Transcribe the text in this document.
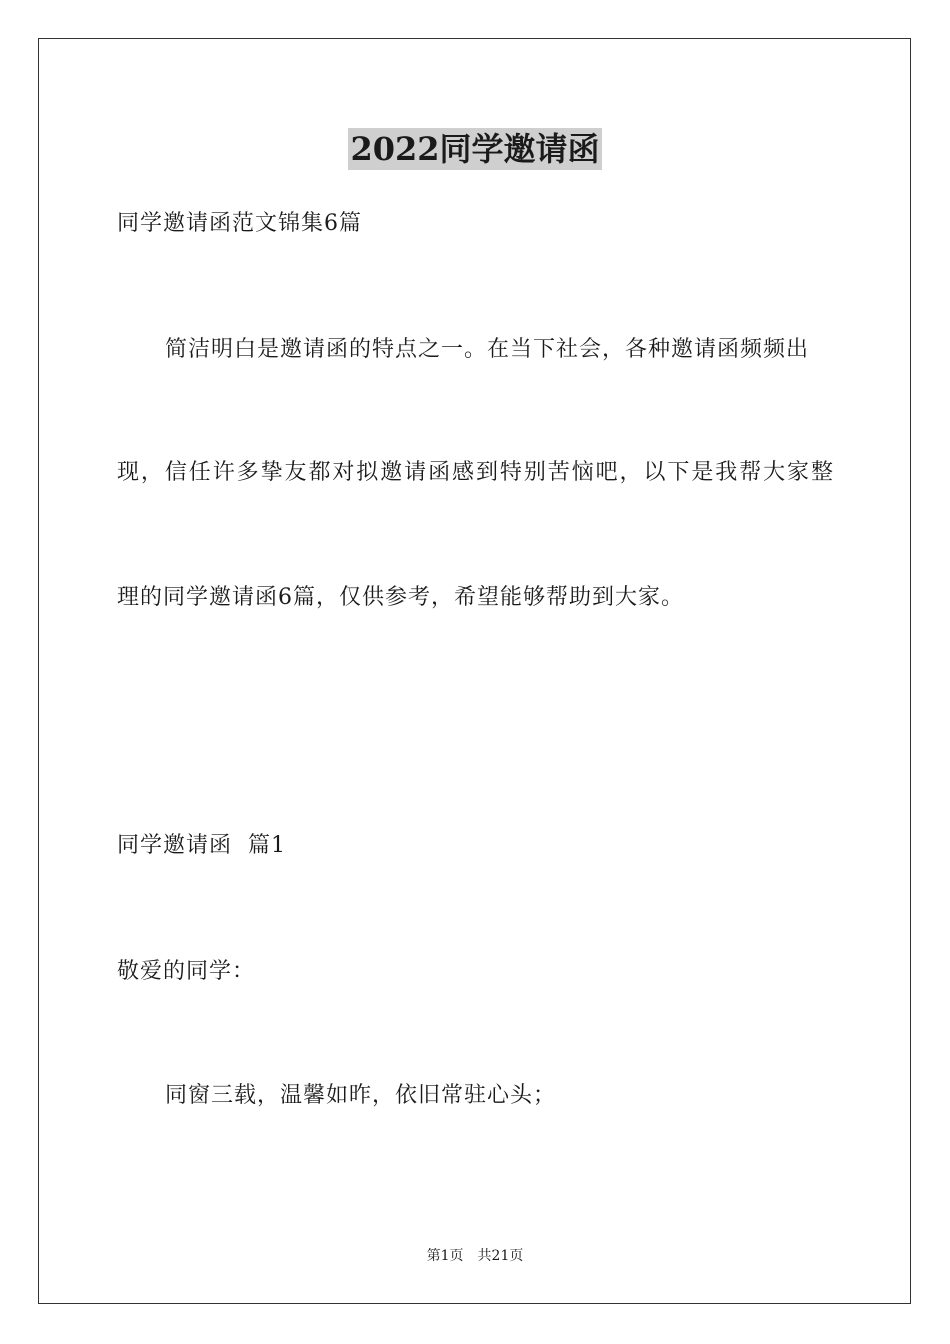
2022同学邀请函
同学邀请函范文锦集6篇
简洁明白是邀请函的特点之一。在当下社会，各种邀请函频频出
现，信任许多挚友都对拟邀请函感到特别苦恼吧，以下是我帮大家整
理的同学邀请函6篇，仅供参考，希望能够帮助到大家。
同学邀请函  篇1
敬爱的同学：
同窗三载，温馨如昨，依旧常驻心头；
第1页 共21页
